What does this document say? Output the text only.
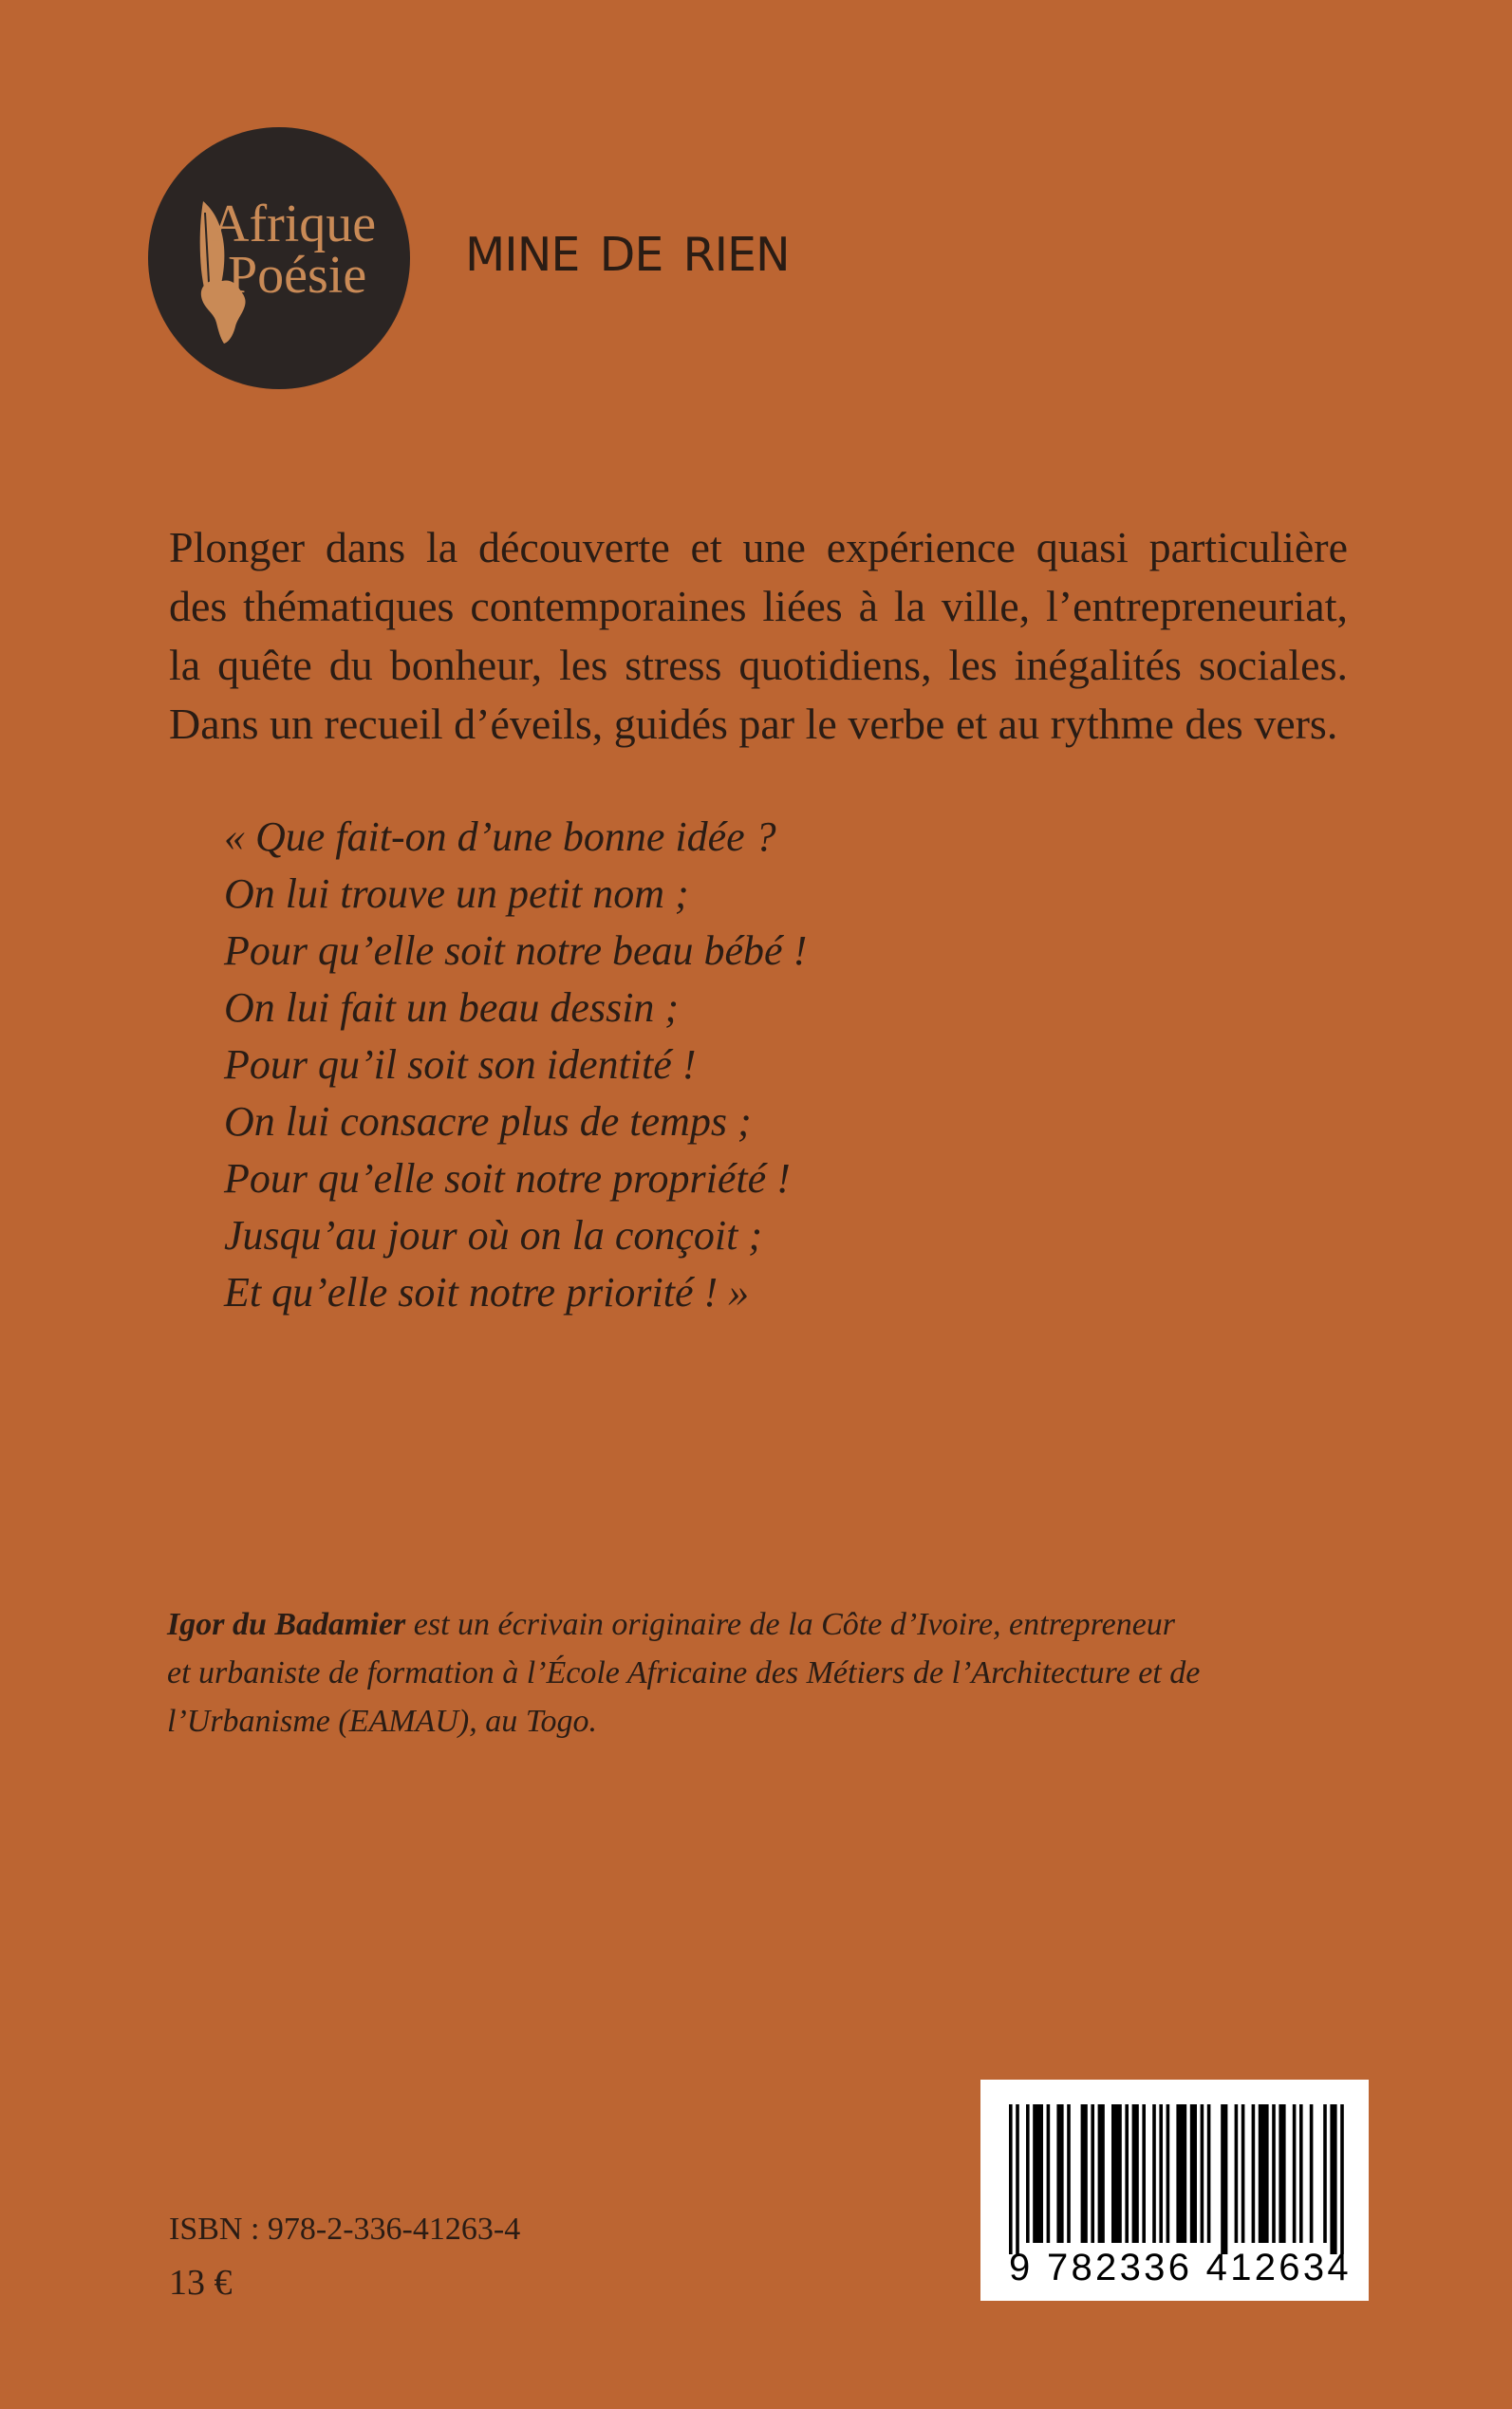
Afrique
Poésie mine de rien

Plonger dans la découverte et une expérience quasi particulière
des thématiques contemporaines liées à la ville, l’entrepreneuriat,
la quête du bonheur, les stress quotidiens, les inégalités sociales.
Dans un recueil d’éveils, guidés par le verbe et au rythme des vers.

« Que fait-on d’une bonne idée ?
On lui trouve un petit nom ;
Pour qu’elle soit notre beau bébé !
On lui fait un beau dessin ;
Pour qu’il soit son identité !
On lui consacre plus de temps ;
Pour qu’elle soit notre propriété !
Jusqu’au jour où on la conçoit ;
Et qu’elle soit notre priorité ! »

Igor du Badamier est un écrivain originaire de la Côte d’Ivoire, entrepreneur
et urbaniste de formation à l’École Africaine des Métiers de l’Architecture et de
l’Urbanisme (EAMAU), au Togo.

ISBN : 978-2-336-41263-4

13 €	9 782336 412634
